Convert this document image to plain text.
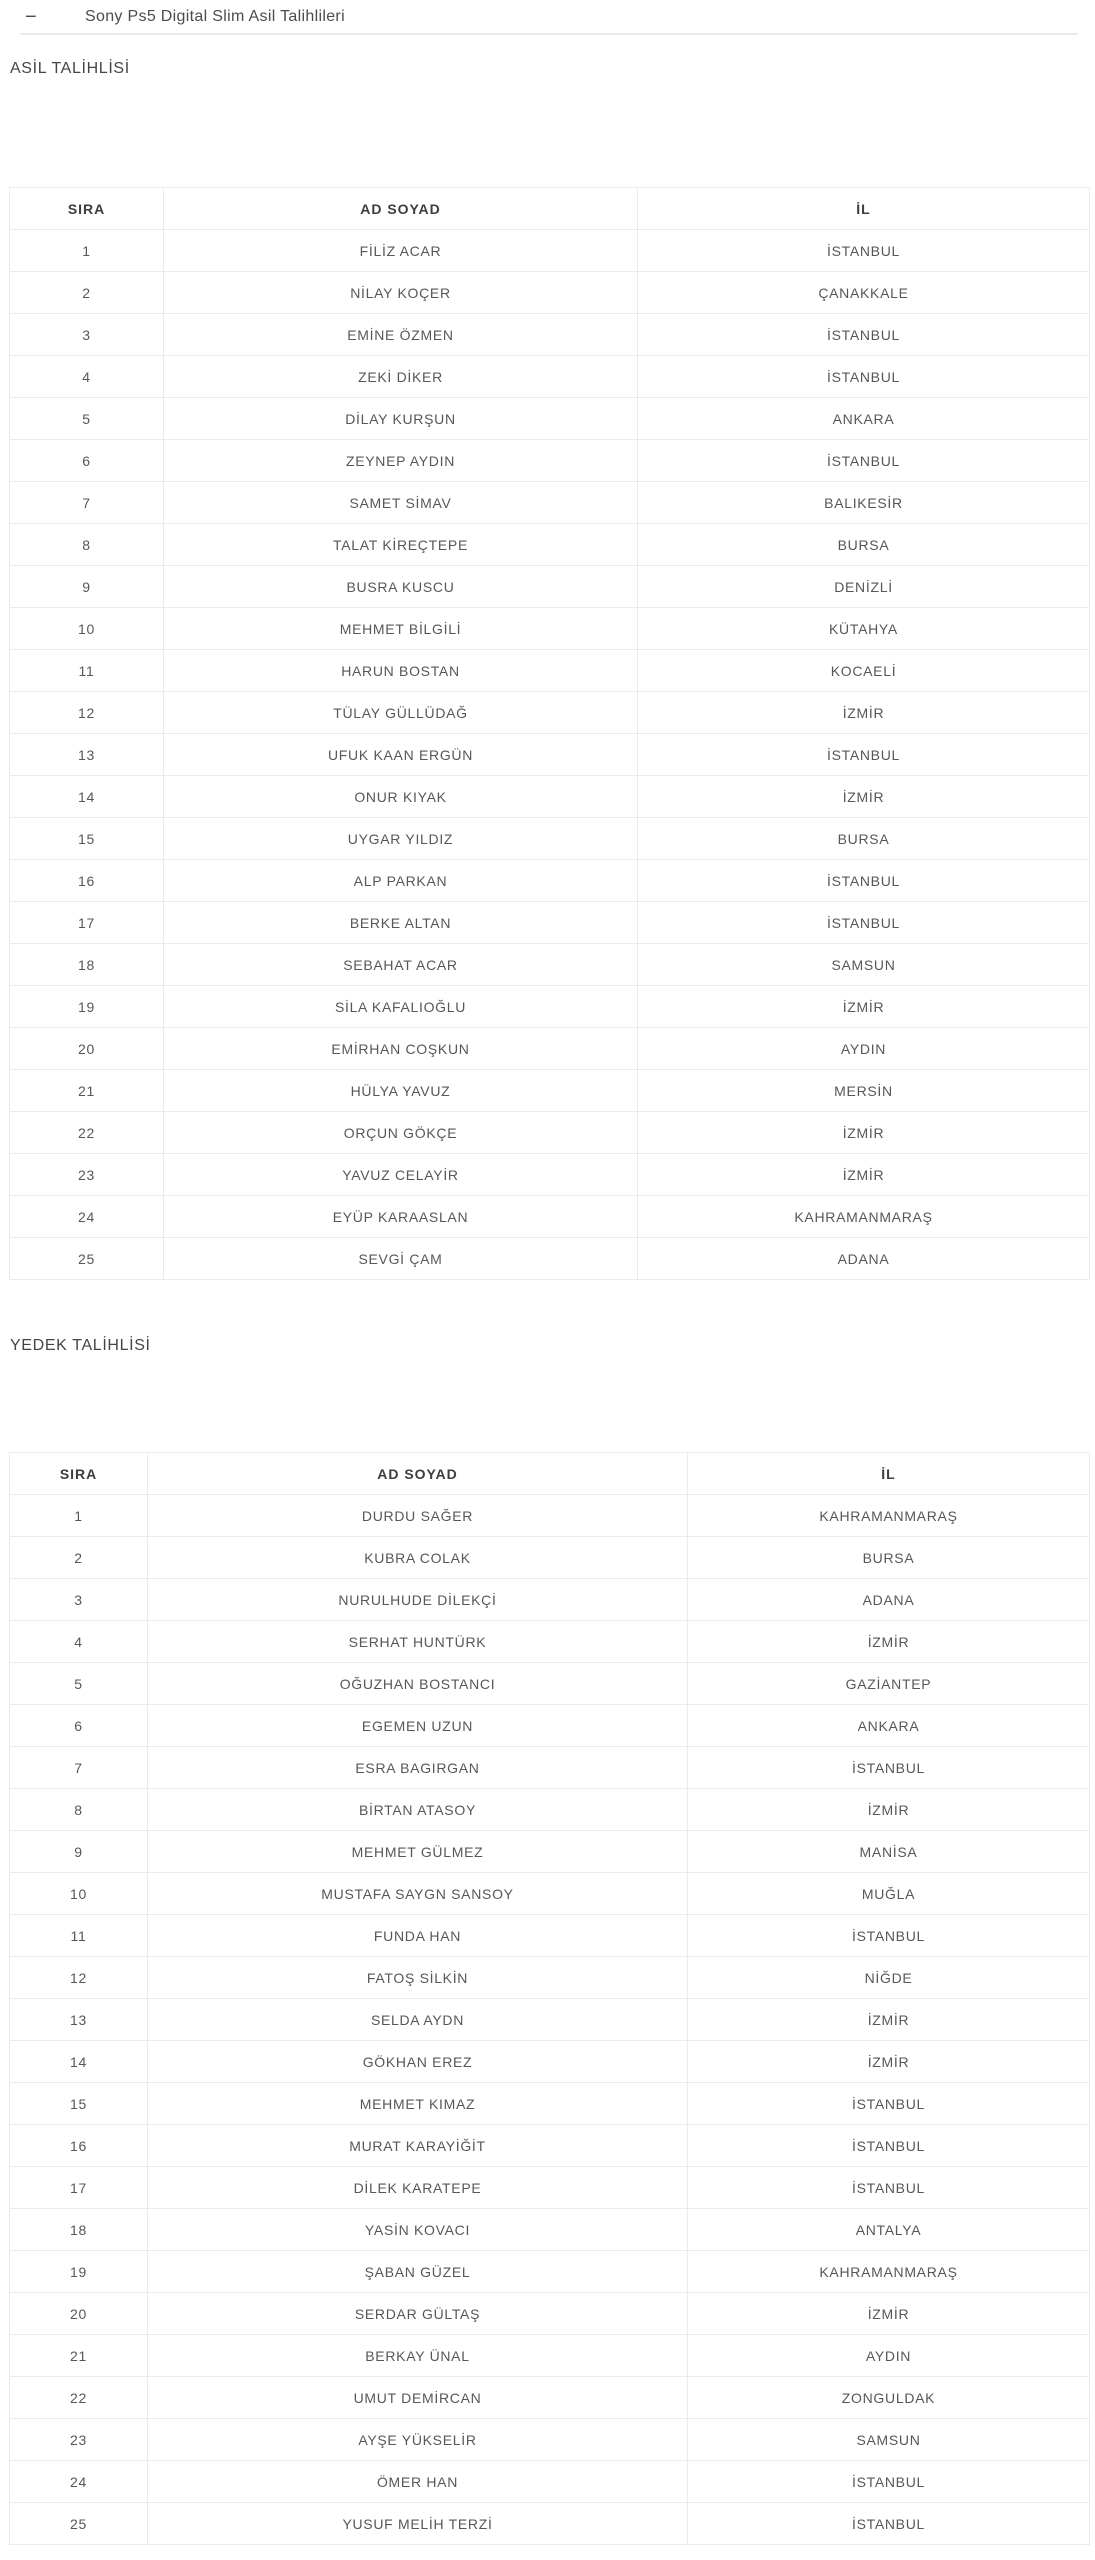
−	Sony Ps5 Digital Slim Asil Talihlileri
ASİL TALİHLİSİ
SIRA	AD SOYAD	İL
1	FİLİZ ACAR	İSTANBUL
2	NİLAY KOÇER	ÇANAKKALE
3	EMİNE ÖZMEN	İSTANBUL
4	ZEKİ DİKER	İSTANBUL
5	DİLAY KURŞUN	ANKARA
6	ZEYNEP AYDIN	İSTANBUL
7	SAMET SİMAV	BALIKESİR
8	TALAT KİREÇTEPE	BURSA
9	BUSRA KUSCU	DENİZLİ
10	MEHMET BİLGİLİ	KÜTAHYA
11	HARUN BOSTAN	KOCAELİ
12	TÜLAY GÜLLÜDAĞ	İZMİR
13	UFUK KAAN ERGÜN	İSTANBUL
14	ONUR KIYAK	İZMİR
15	UYGAR YILDIZ	BURSA
16	ALP PARKAN	İSTANBUL
17	BERKE ALTAN	İSTANBUL
18	SEBAHAT ACAR	SAMSUN
19	SİLA KAFALIOĞLU	İZMİR
20	EMİRHAN COŞKUN	AYDIN
21	HÜLYA YAVUZ	MERSİN
22	ORÇUN GÖKÇE	İZMİR
23	YAVUZ CELAYİR	İZMİR
24	EYÜP KARAASLAN	KAHRAMANMARAŞ
25	SEVGİ ÇAM	ADANA
YEDEK TALİHLİSİ
SIRA	AD SOYAD	İL
1	DURDU SAĞER	KAHRAMANMARAŞ
2	KUBRA COLAK	BURSA
3	NURULHUDE DİLEKÇİ	ADANA
4	SERHAT HUNTÜRK	İZMİR
5	OĞUZHAN BOSTANCI	GAZİANTEP
6	EGEMEN UZUN	ANKARA
7	ESRA BAGIRGAN	İSTANBUL
8	BİRTAN ATASOY	İZMİR
9	MEHMET GÜLMEZ	MANİSA
10	MUSTAFA SAYGN SANSOY	MUĞLA
11	FUNDA HAN	İSTANBUL
12	FATOŞ SİLKİN	NİĞDE
13	SELDA AYDN	İZMİR
14	GÖKHAN EREZ	İZMİR
15	MEHMET KIMAZ	İSTANBUL
16	MURAT KARAYİĞİT	İSTANBUL
17	DİLEK KARATEPE	İSTANBUL
18	YASİN KOVACI	ANTALYA
19	ŞABAN GÜZEL	KAHRAMANMARAŞ
20	SERDAR GÜLTAŞ	İZMİR
21	BERKAY ÜNAL	AYDIN
22	UMUT DEMİRCAN	ZONGULDAK
23	AYŞE YÜKSELİR	SAMSUN
24	ÖMER HAN	İSTANBUL
25	YUSUF MELİH TERZİ	İSTANBUL
